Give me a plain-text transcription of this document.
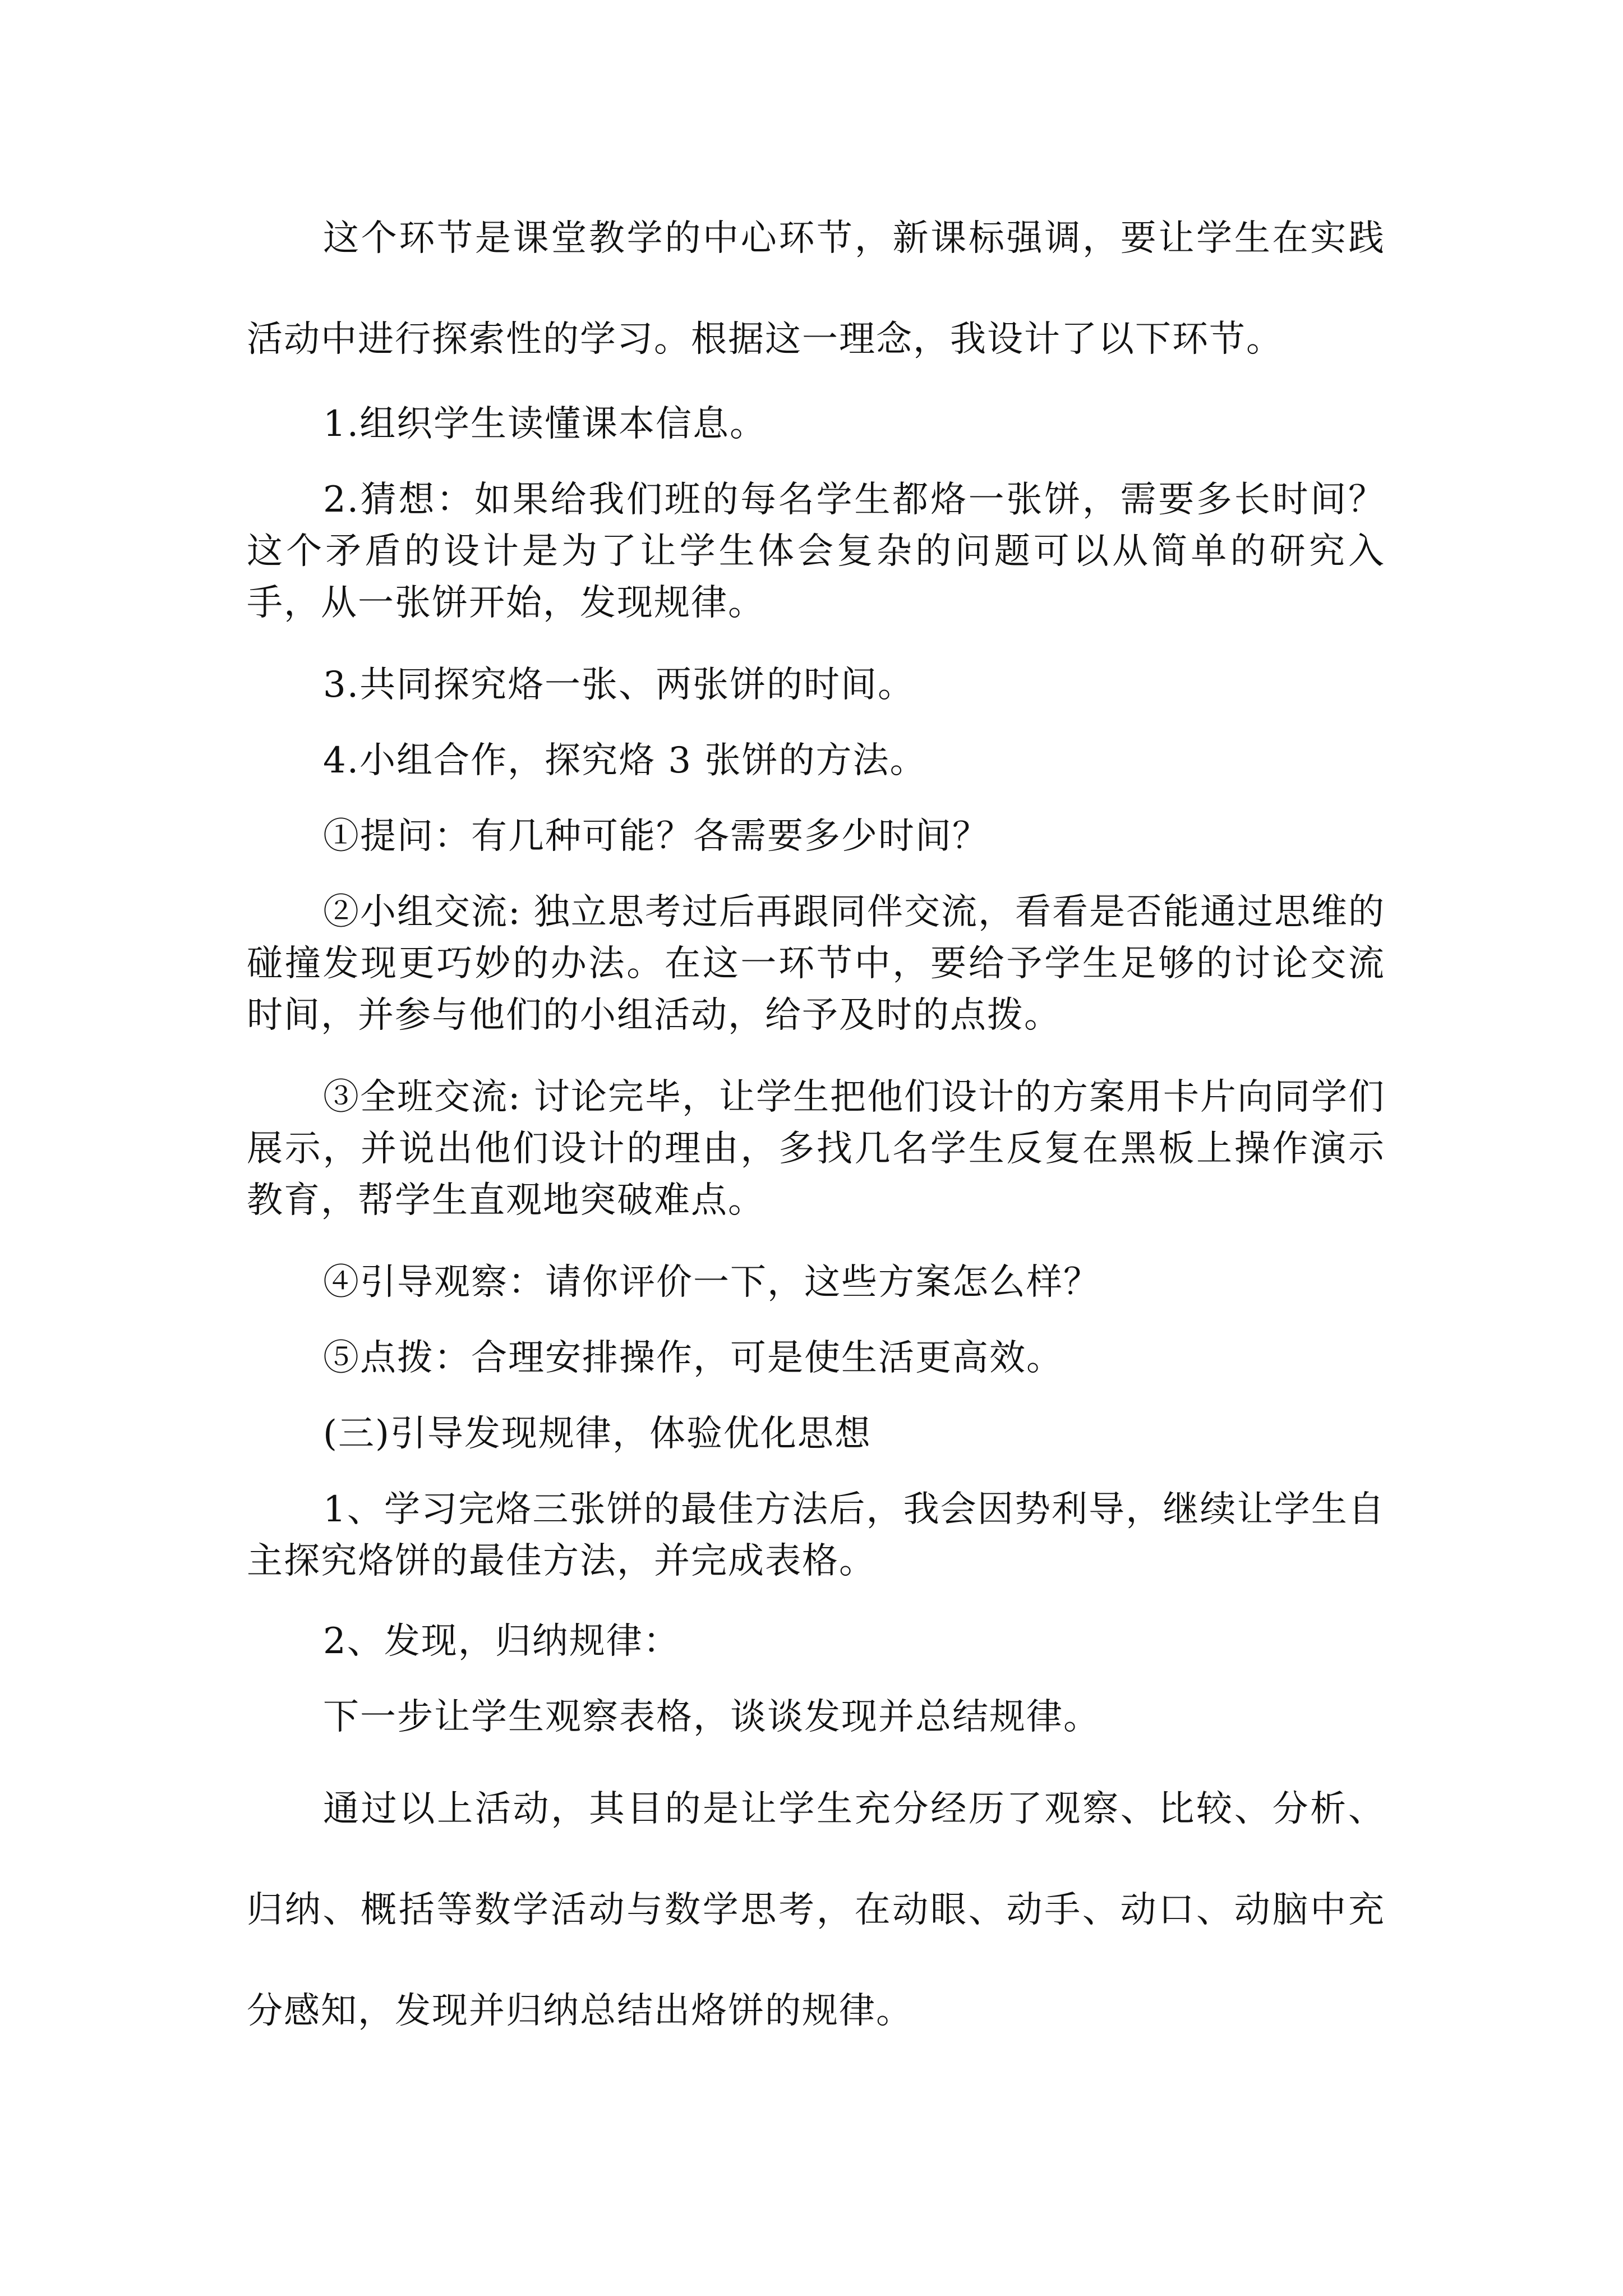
这个环节是课堂教学的中心环节，新课标强调，要让学生在实践活动中进行探索性的学习。根据这一理念，我设计了以下环节。

1.组织学生读懂课本信息。

2.猜想：如果给我们班的每名学生都烙一张饼，需要多长时间？这个矛盾的设计是为了让学生体会复杂的问题可以从简单的研究入手，从一张饼开始，发现规律。

3.共同探究烙一张、两张饼的时间。

4.小组合作，探究烙 3 张饼的方法。

①提问：有几种可能？各需要多少时间？

②小组交流: 独立思考过后再跟同伴交流，看看是否能通过思维的碰撞发现更巧妙的办法。在这一环节中，要给予学生足够的讨论交流时间，并参与他们的小组活动，给予及时的点拨。

③全班交流: 讨论完毕，让学生把他们设计的方案用卡片向同学们展示，并说出他们设计的理由，多找几名学生反复在黑板上操作演示教育，帮学生直观地突破难点。

④引导观察：请你评价一下，这些方案怎么样？

⑤点拨：合理安排操作，可是使生活更高效。

(三)引导发现规律，体验优化思想

1、学习完烙三张饼的最佳方法后，我会因势利导，继续让学生自主探究烙饼的最佳方法，并完成表格。

2、发现，归纳规律：

下一步让学生观察表格，谈谈发现并总结规律。

通过以上活动，其目的是让学生充分经历了观察、比较、分析、归纳、概括等数学活动与数学思考，在动眼、动手、动口、动脑中充分感知，发现并归纳总结出烙饼的规律。
